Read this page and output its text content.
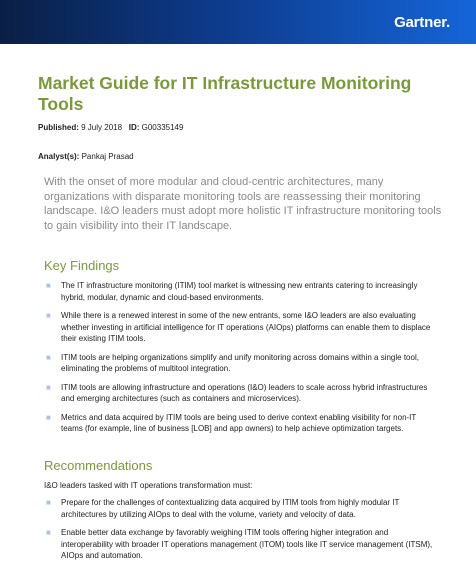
Gartner.
Market Guide for IT Infrastructure Monitoring Tools
Published: 9 July 2018 ID: G00335149
Analyst(s): Pankaj Prasad

With the onset of more modular and cloud-centric architectures, many organizations with disparate monitoring tools are reassessing their monitoring landscape. I&O leaders must adopt more holistic IT infrastructure monitoring tools to gain visibility into their IT landscape.

Key Findings
■ The IT infrastructure monitoring (ITIM) tool market is witnessing new entrants catering to increasingly hybrid, modular, dynamic and cloud-based environments.
■ While there is a renewed interest in some of the new entrants, some I&O leaders are also evaluating whether investing in artificial intelligence for IT operations (AIOps) platforms can enable them to displace their existing ITIM tools.
■ ITIM tools are helping organizations simplify and unify monitoring across domains within a single tool, eliminating the problems of multitool integration.
■ ITIM tools are allowing infrastructure and operations (I&O) leaders to scale across hybrid infrastructures and emerging architectures (such as containers and microservices).
■ Metrics and data acquired by ITIM tools are being used to derive context enabling visibility for non-IT teams (for example, line of business [LOB] and app owners) to help achieve optimization targets.
Recommendations
I&O leaders tasked with IT operations transformation must:
■ Prepare for the challenges of contextualizing data acquired by ITIM tools from highly modular IT architectures by utilizing AIOps to deal with the volume, variety and velocity of data.
■ Enable better data exchange by favorably weighing ITIM tools offering higher integration and interoperability with broader IT operations management (ITOM) tools like IT service management (ITSM), AIOps and automation.
